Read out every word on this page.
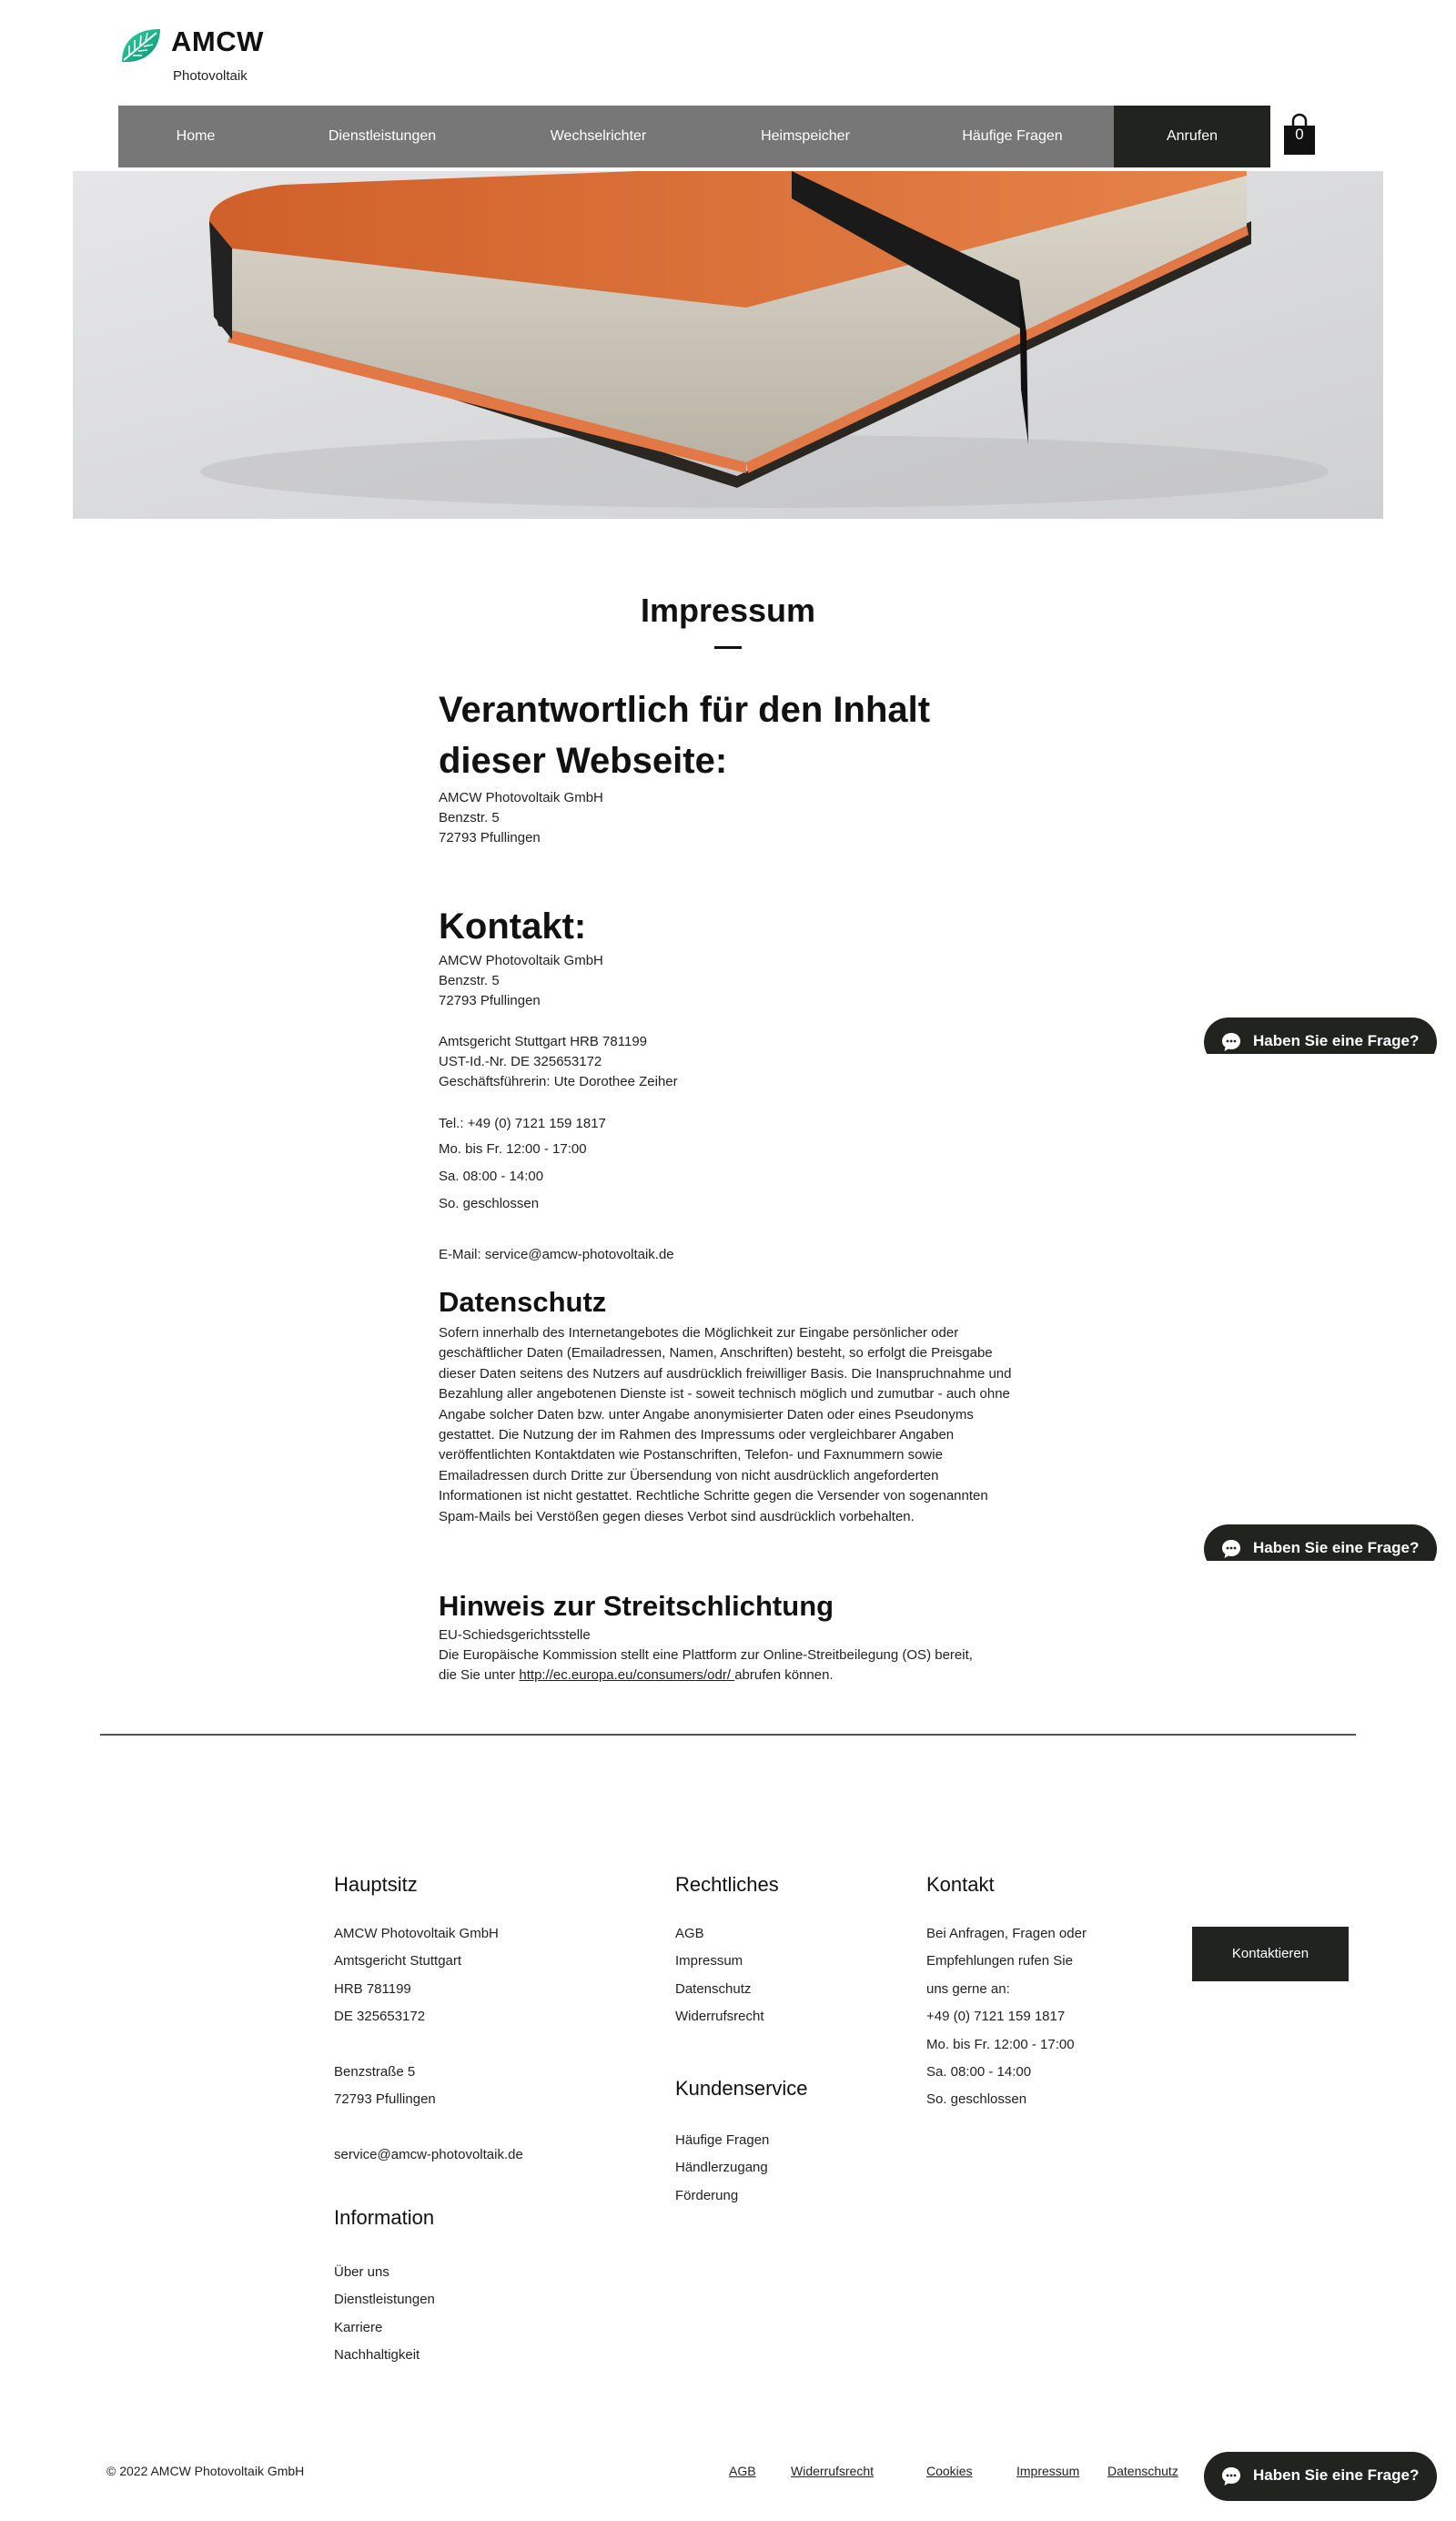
AMCW
Photovoltaik
Home	Dienstleistungen	Wechselrichter	Heimspeicher	Häufige Fragen	Anrufen	0
Impressum
Verantwortlich für den Inhalt
dieser Webseite:
AMCW Photovoltaik GmbH
Benzstr. 5
72793 Pfullingen
Kontakt:
AMCW Photovoltaik GmbH
Benzstr. 5
72793 Pfullingen
Amtsgericht Stuttgart HRB 781199
UST-Id.-Nr. DE 325653172
Geschäftsführerin: Ute Dorothee Zeiher
Tel.: +49 (0) 7121 159 1817
Mo. bis Fr. 12:00 - 17:00
Sa. 08:00 - 14:00
So. geschlossen
E-Mail: service@amcw-photovoltaik.de
Datenschutz

Sofern innerhalb des Internetangebotes die Möglichkeit zur Eingabe persönlicher oder geschäftlicher Daten (Emailadressen, Namen, Anschriften) besteht, so erfolgt die Preisgabe dieser Daten seitens des Nutzers auf ausdrücklich freiwilliger Basis. Die Inanspruchnahme und Bezahlung aller angebotenen Dienste ist - soweit technisch möglich und zumutbar - auch ohne Angabe solcher Daten bzw. unter Angabe anonymisierter Daten oder eines Pseudonyms gestattet. Die Nutzung der im Rahmen des Impressums oder vergleichbarer Angaben veröffentlichten Kontaktdaten wie Postanschriften, Telefon- und Faxnummern sowie Emailadressen durch Dritte zur Übersendung von nicht ausdrücklich angeforderten Informationen ist nicht gestattet. Rechtliche Schritte gegen die Versender von sogenannten Spam-Mails bei Verstößen gegen dieses Verbot sind ausdrücklich vorbehalten.

Hinweis zur Streitschlichtung
EU-Schiedsgerichtsstelle
Die Europäische Kommission stellt eine Plattform zur Online-Streitbeilegung (OS) bereit,
die Sie unter http://ec.europa.eu/consumers/odr/ abrufen können.
Hauptsitz
AMCW Photovoltaik GmbH
Amtsgericht Stuttgart
HRB 781199
DE 325653172
Benzstraße 5
72793 Pfullingen
service@amcw-photovoltaik.de
Information
Über uns
Dienstleistungen
Karriere
Nachhaltigkeit
Rechtliches
AGB
Impressum
Datenschutz
Widerrufsrecht
Kundenservice
Häufige Fragen
Händlerzugang
Förderung
Kontakt
Bei Anfragen, Fragen oder
Empfehlungen rufen Sie
uns gerne an:
+49 (0) 7121 159 1817
Mo. bis Fr. 12:00 - 17:00
Sa. 08:00 - 14:00
So. geschlossen
Kontaktieren
© 2022 AMCW Photovoltaik GmbH	AGB	Widerrufsrecht	Cookies	Impressum Datenschutz
Haben Sie eine Frage?
Haben Sie eine Frage?
Haben Sie eine Frage?
